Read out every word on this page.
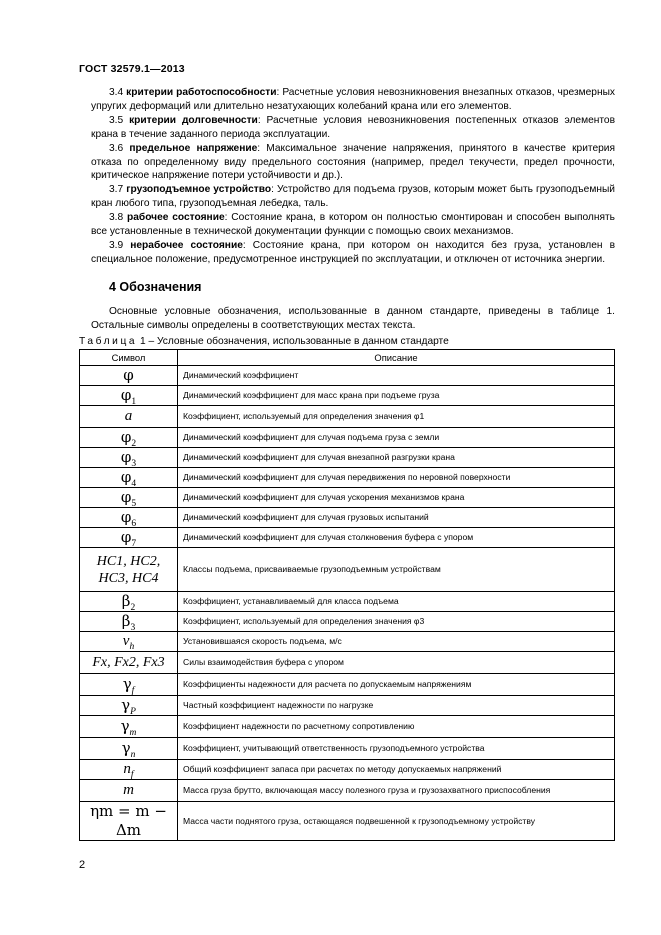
ГОСТ 32579.1—2013

3.4 критерии работоспособности: Расчетные условия невозникновения внезапных отказов, чрезмерных упругих деформаций или длительно незатухающих колебаний крана или его элементов.

3.5 критерии долговечности: Расчетные условия невозникновения постепенных отказов элементов крана в течение заданного периода эксплуатации.

3.6 предельное напряжение: Максимальное значение напряжения, принятого в качестве критерия отказа по определенному виду предельного состояния (например, предел текучести, предел прочности, критическое напряжение потери устойчивости и др.).

3.7 грузоподъемное устройство: Устройство для подъема грузов, которым может быть грузоподъемный кран любого типа, грузоподъемная лебедка, таль.

3.8 рабочее состояние: Состояние крана, в котором он полностью смонтирован и способен выполнять все установленные в технической документации функции с помощью своих механизмов.

3.9 нерабочее состояние: Состояние крана, при котором он находится без груза, установлен в специальное положение, предусмотренное инструкцией по эксплуатации, и отключен от источника энергии.

4 Обозначения
Основные условные обозначения, использованные в данном стандарте, приведены в таблице 1. Остальные символы определены в соответствующих местах текста.
Таблица 1 – Условные обозначения, использованные в данном стандарте
Символ	Описание
φ	Динамический коэффициент
$\varphi_1$	Динамический коэффициент для масс крана при подъеме груза
a	Коэффициент, используемый для определения значения φ1
$\varphi_2$	Динамический коэффициент для случая подъема груза с земли
$\varphi_3$	Динамический коэффициент для случая внезапной разгрузки крана
$\varphi_4$	Динамический коэффициент для случая передвижения по неровной поверхности
$\varphi_5$	Динамический коэффициент для случая ускорения механизмов крана
$\varphi_6$	Динамический коэффициент для случая грузовых испытаний
$\varphi_7$	Динамический коэффициент для случая столкновения буфера с упором
HC1, HC2, HC3, HC4	Классы подъема, присваиваемые грузоподъемным устройствам
$\beta_2$	Коэффициент, устанавливаемый для класса подъема
$\beta_3$	Коэффициент, используемый для определения значения φ3
$v_h$	Установившаяся скорость подъема, м/с
Fx, Fx2, Fx3	Силы взаимодействия буфера с упором
$\gamma_f$	Коэффициенты надежности для расчета по допускаемым напряжениям
$\gamma_P$	Частный коэффициент надежности по нагрузке
$\gamma_m$	Коэффициент надежности по расчетному сопротивлению
$\gamma_n$	Коэффициент, учитывающий ответственность грузоподъемного устройства
$n_f$	Общий коэффициент запаса при расчетах по методу допускаемых напряжений
m	Масса груза брутто, включающая массу полезного груза и грузозахватного приспособления
ηm = m − Δm	Масса части поднятого груза, остающаяся подвешенной к грузоподъемному устройству
2
